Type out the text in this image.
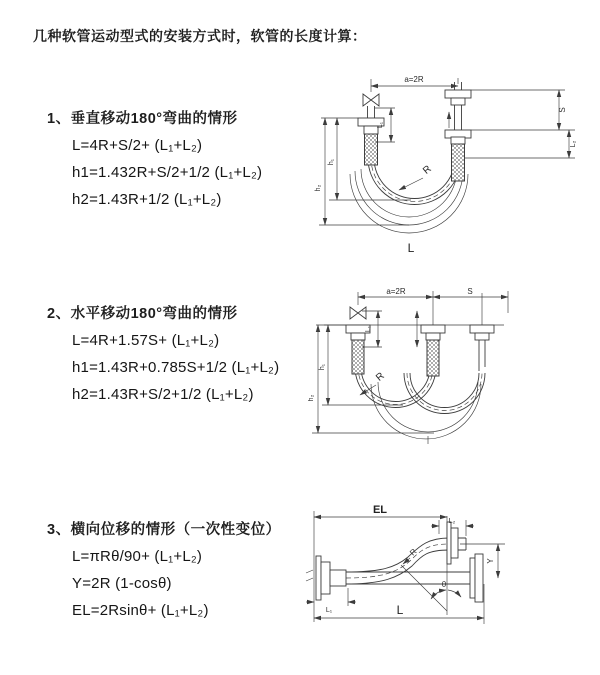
几种软管运动型式的安装方式时，软管的长度计算：

1、垂直移动180°弯曲的情形

L=4R+S/2+ (L₁+L₂)

h1=1.432R+S/2+1/2 (L₁+L₂)

h2=1.43R+1/2 (L₁+L₂)

a=2R
L₁
S
L₂
h₁
h₂
R
L

2、水平移动180°弯曲的情形

L=4R+1.57S+ (L₁+L₂)

h1=1.43R+0.785S+1/2 (L₁+L₂)

h2=1.43R+S/2+1/2 (L₁+L₂)

a=2R	S
L₁
h₁
h₂
R

3、横向位移的情形（一次性变位）

L=πRθ/90+ (L₁+L₂)

Y=2R (1-cosθ)

EL=2Rsinθ+ (L₁+L₂)

EL
L₂
Y
L
L₁
R
θ
